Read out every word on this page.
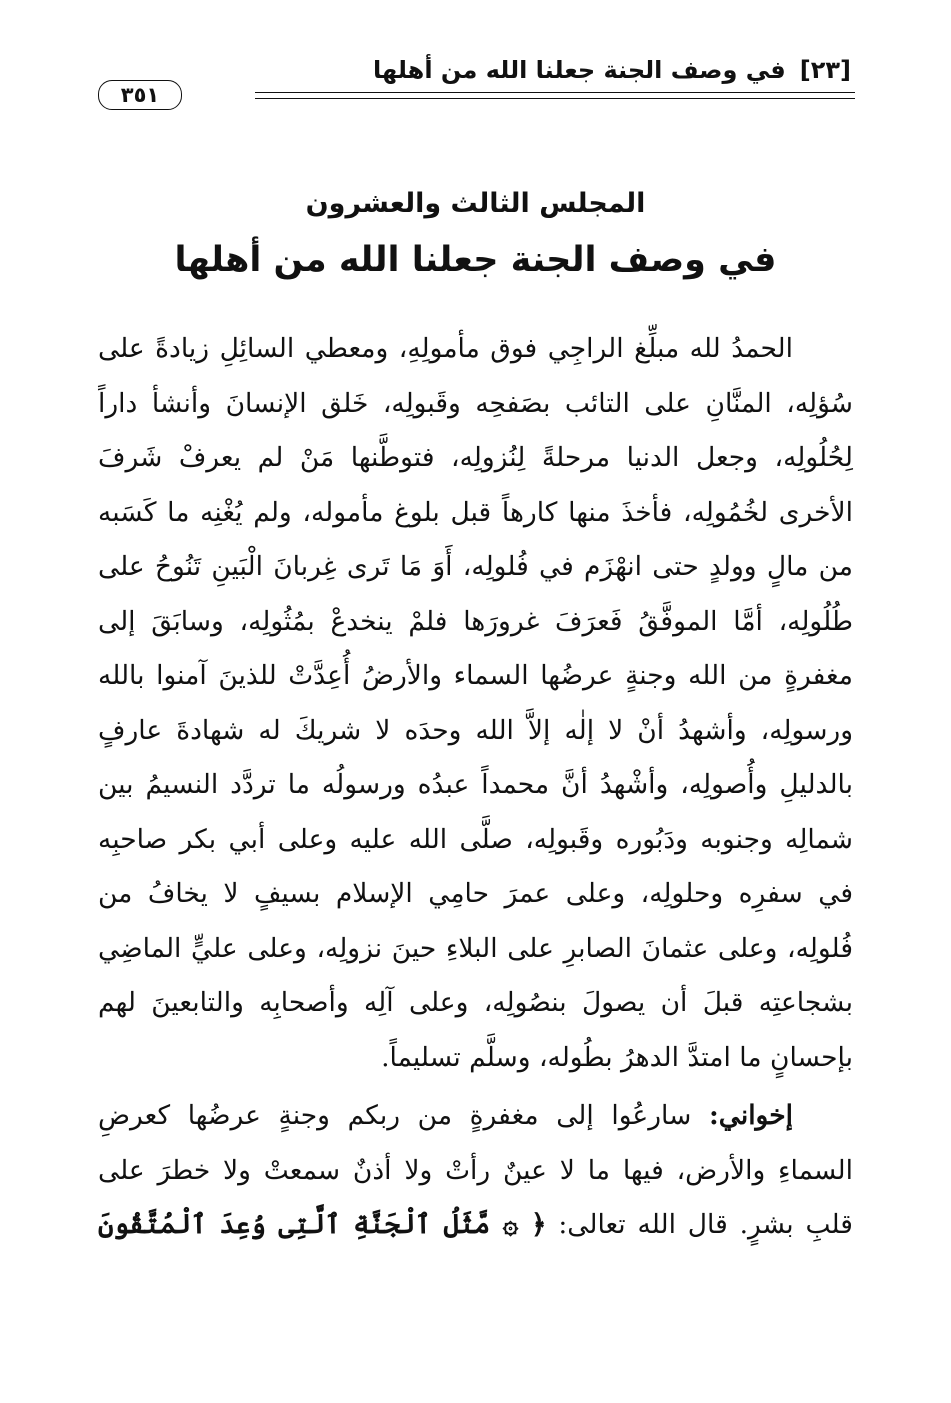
[٢٣]
في وصف الجنة جعلنا الله من أهلها
٣٥١
المجلس الثالث والعشرون
في وصف الجنة جعلنا الله من أهلها

الحمدُ لله مبلِّغ الراجِي فوق مأمولِهِ، ومعطي السائِلِ زيادةً على سُؤلِه، المنَّانِ على التائب بصَفحِه وقَبولِه، خَلق الإنسانَ وأنشأ داراً لِحُلُولِه، وجعل الدنيا مرحلةً لِنُزولِه، فتوطَّنها مَنْ لم يعرفْ شَرفَ الأخرى لخُمُولِه، فأخذَ منها كارهاً قبل بلوغ مأموله، ولم يُغْنِه ما كَسَبه من مالٍ وولدٍ حتى انهْزَم في فُلولِه، أَوَ مَا تَرى غِربانَ الْبَينِ تَنُوحُ على طُلُولِه، أمَّا الموفَّقُ فَعرَفَ غرورَها فلمْ ينخدعْ بمُثُولِه، وسابَقَ إلى مغفرةٍ من الله وجنةٍ عرضُها السماء والأرضُ أُعِدَّتْ للذينَ آمنوا بالله ورسولِه، وأشهدُ أنْ لا إلٰه إلاَّ الله وحدَه لا شريكَ له شهادةَ عارفٍ بالدليلِ وأُصولِه، وأشْهدُ أنَّ محمداً عبدُه ورسولُه ما تردَّد النسيمُ بين شمالِه وجنوبه ودَبُوره وقَبولِه، صلَّى الله عليه وعلى أبي بكر صاحبِه في سفرِه وحلولِه، وعلى عمرَ حامِي الإسلام بسيفٍ لا يخافُ من فُلولِه، وعلى عثمانَ الصابرِ على البلاءِ حينَ نزولِه، وعلى عليٍّ الماضِي بشجاعتِه قبلَ أن يصولَ بنصُولِه، وعلى آلِه وأصحابِه والتابعينَ لهم بإحسانٍ ما امتدَّ الدهرُ بطُوله، وسلَّم تسليماً.

إخواني: سارعُوا إلى مغفرةٍ من ربكم وجنةٍ عرضُها كعرضِ السماءِ والأرض، فيها ما لا عينٌ رأتْ ولا أذنٌ سمعتْ ولا خطرَ على قلبِ بشرٍ. قال الله تعالى: ﴿ ۞ مَّثَلُ ٱلْجَنَّةِ ٱلَّتِى وُعِدَ ٱلْمُتَّقُونَ
